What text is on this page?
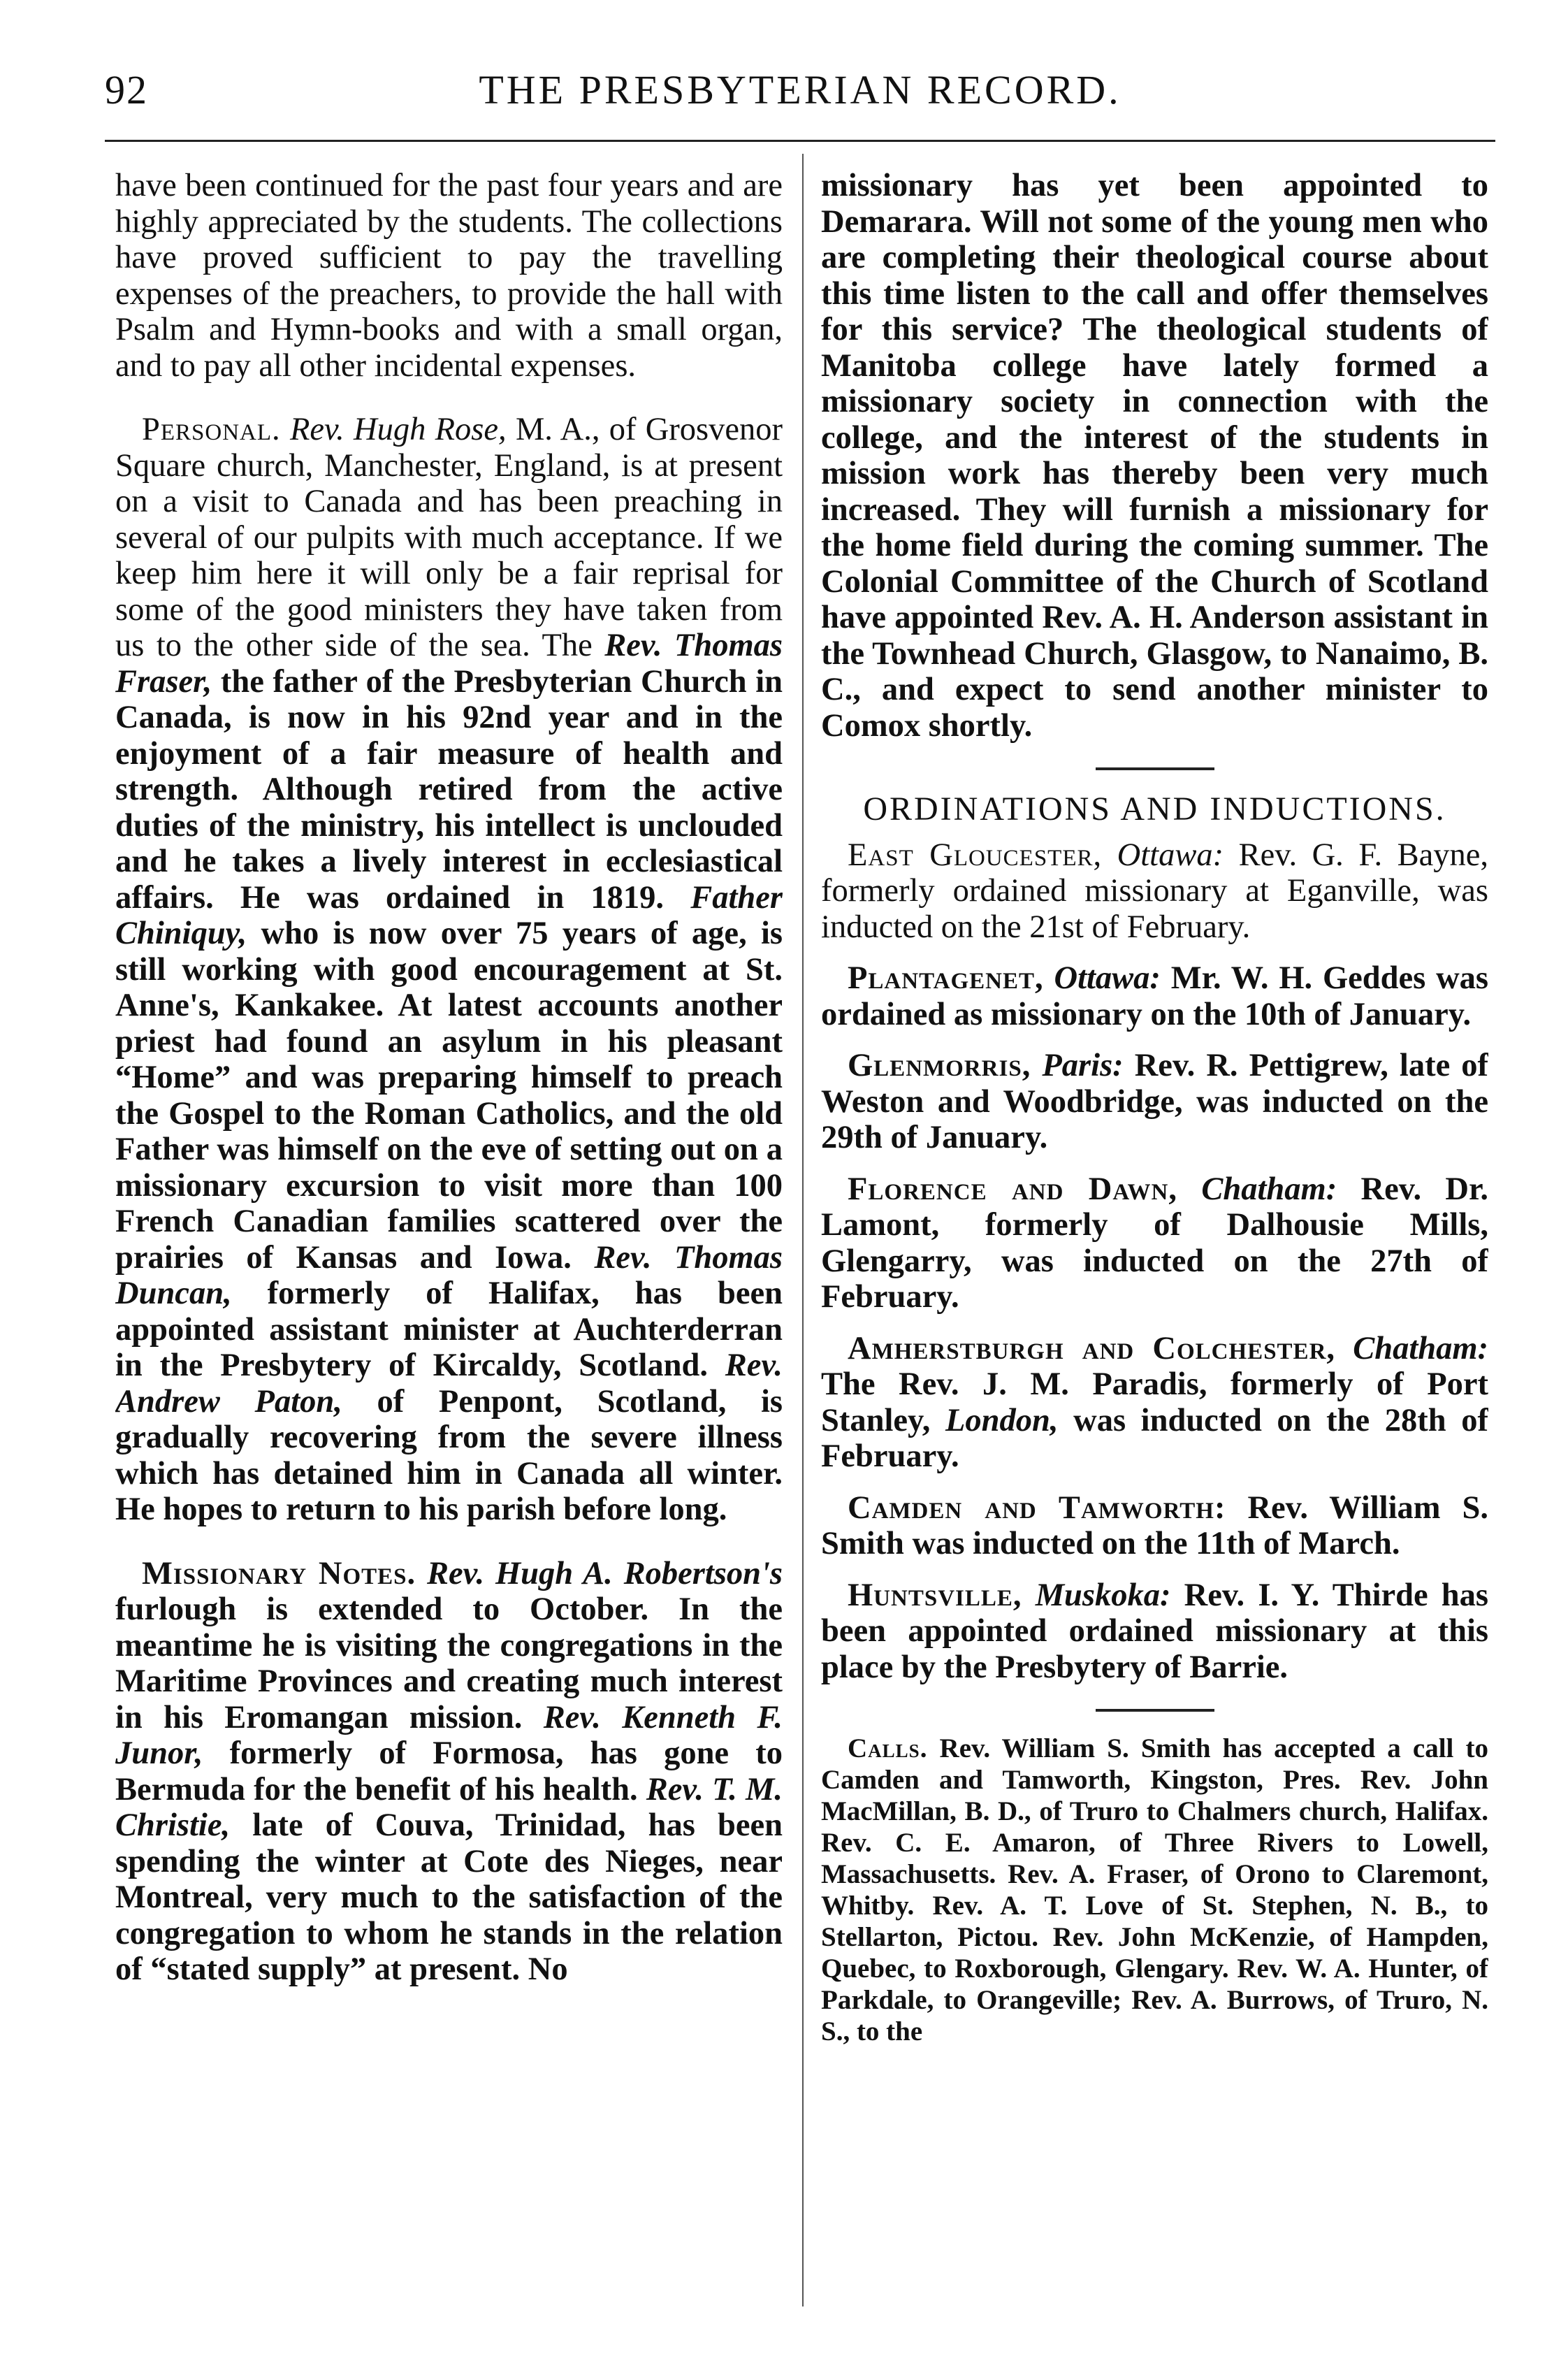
92	THE PRESBYTERIAN RECORD.

have been continued for the past four years and are highly appreciated by the students. The collections have proved sufficient to pay the travelling expenses of the preachers, to provide the hall with Psalm and Hymn-books and with a small organ, and to pay all other incidental expenses.

Personal. Rev. Hugh Rose, M. A., of Grosvenor Square church, Manchester, England, is at present on a visit to Canada and has been preaching in several of our pulpits with much acceptance. If we keep him here it will only be a fair reprisal for some of the good ministers they have taken from us to the other side of the sea. The Rev. Thomas Fraser, the father of the Presbyterian Church in Canada, is now in his 92nd year and in the enjoyment of a fair measure of health and strength. Although retired from the active duties of the ministry, his intellect is unclouded and he takes a lively interest in ecclesiastical affairs. He was ordained in 1819. Father Chiniquy, who is now over 75 years of age, is still working with good encouragement at St. Anne's, Kankakee. At latest accounts another priest had found an asylum in his pleasant “Home” and was preparing himself to preach the Gospel to the Roman Catholics, and the old Father was himself on the eve of setting out on a missionary excursion to visit more than 100 French Canadian families scattered over the prairies of Kansas and Iowa. Rev. Thomas Duncan, formerly of Halifax, has been appointed assistant minister at Auchterderran in the Presbytery of Kircaldy, Scotland. Rev. Andrew Paton, of Penpont, Scotland, is gradually recovering from the severe illness which has detained him in Canada all winter. He hopes to return to his parish before long.

Missionary Notes. Rev. Hugh A. Robertson's furlough is extended to October. In the meantime he is visiting the congregations in the Maritime Provinces and creating much interest in his Eromangan mission. Rev. Kenneth F. Junor, formerly of Formosa, has gone to Bermuda for the benefit of his health. Rev. T. M. Christie, late of Couva, Trinidad, has been spending the winter at Cote des Nieges, near Montreal, very much to the satisfaction of the congregation to whom he stands in the relation of “stated supply” at present. No

missionary has yet been appointed to Demarara. Will not some of the young men who are completing their theological course about this time listen to the call and offer themselves for this service? The theological students of Manitoba college have lately formed a missionary society in connection with the college, and the interest of the students in mission work has thereby been very much increased. They will furnish a missionary for the home field during the coming summer. The Colonial Committee of the Church of Scotland have appointed Rev. A. H. Anderson assistant in the Townhead Church, Glasgow, to Nanaimo, B. C., and expect to send another minister to Comox shortly.

ORDINATIONS AND INDUCTIONS.

East Gloucester, Ottawa: Rev. G. F. Bayne, formerly ordained missionary at Eganville, was inducted on the 21st of February.

Plantagenet, Ottawa: Mr. W. H. Geddes was ordained as missionary on the 10th of January.

Glenmorris, Paris: Rev. R. Pettigrew, late of Weston and Woodbridge, was inducted on the 29th of January.

Florence and Dawn, Chatham: Rev. Dr. Lamont, formerly of Dalhousie Mills, Glengarry, was inducted on the 27th of February.

Amherstburgh and Colchester, Chatham: The Rev. J. M. Paradis, formerly of Port Stanley, London, was inducted on the 28th of February.

Camden and Tamworth: Rev. William S. Smith was inducted on the 11th of March.

Huntsville, Muskoka: Rev. I. Y. Thirde has been appointed ordained missionary at this place by the Presbytery of Barrie.

Calls. Rev. William S. Smith has accepted a call to Camden and Tamworth, Kingston, Pres. Rev. John MacMillan, B. D., of Truro to Chalmers church, Halifax. Rev. C. E. Amaron, of Three Rivers to Lowell, Massachusetts. Rev. A. Fraser, of Orono to Claremont, Whitby. Rev. A. T. Love of St. Stephen, N. B., to Stellarton, Pictou. Rev. John McKenzie, of Hampden, Quebec, to Roxborough, Glengary. Rev. W. A. Hunter, of Parkdale, to Orangeville; Rev. A. Burrows, of Truro, N. S., to the
